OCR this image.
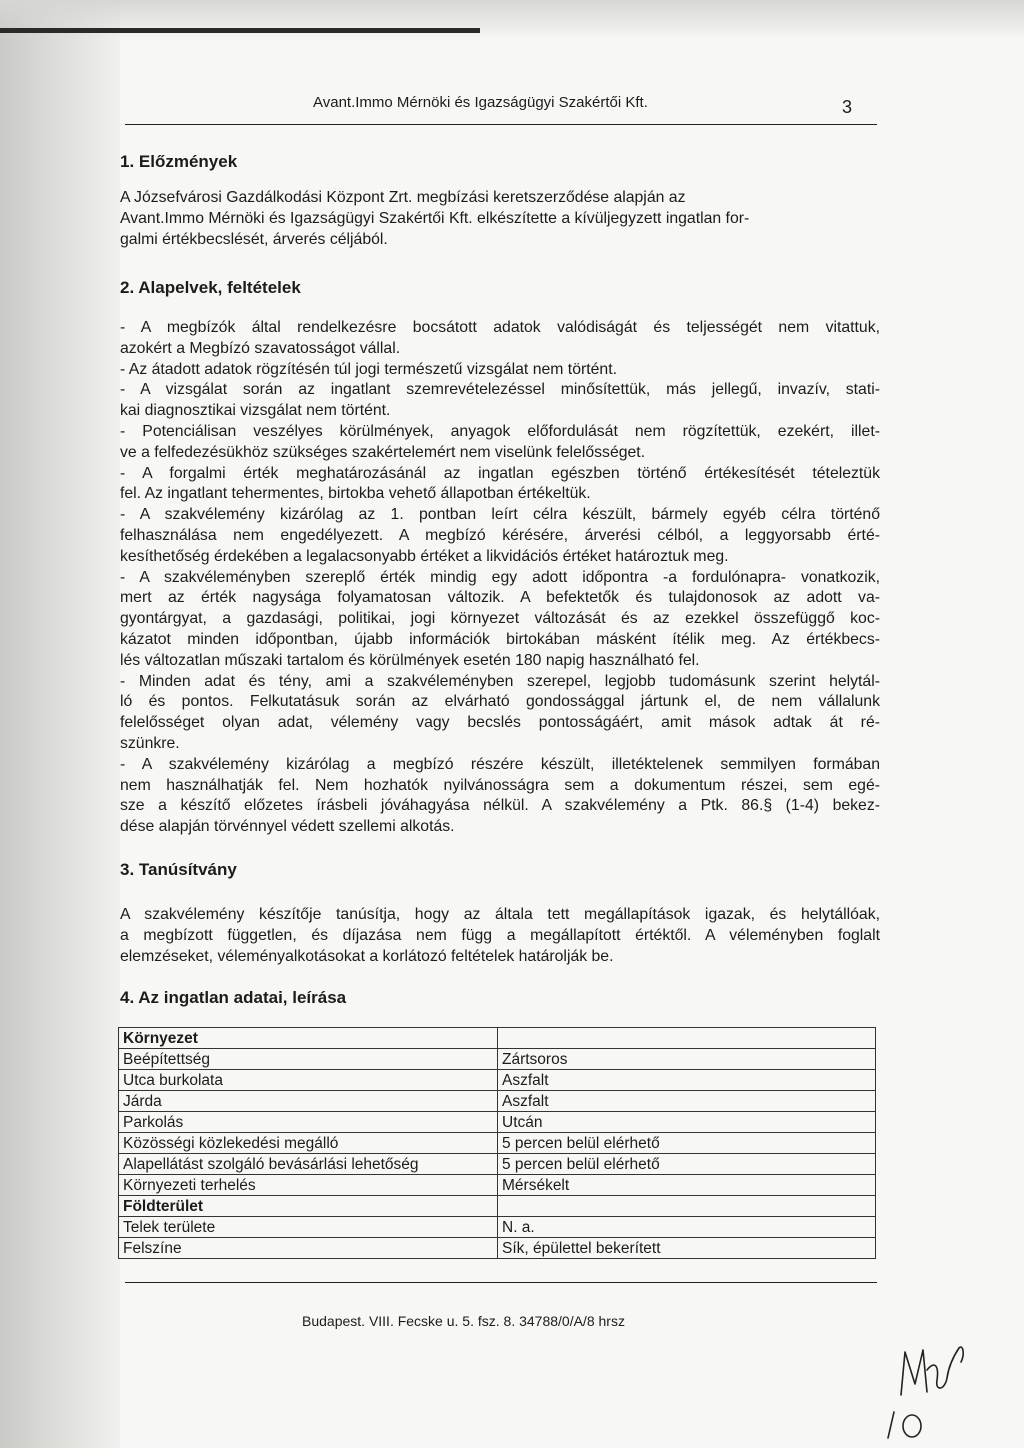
Avant.Immo Mérnöki és Igazságügyi Szakértői Kft.	3
1. Előzmények
A Józsefvárosi Gazdálkodási Központ Zrt. megbízási keretszerződése alapján az
Avant.Immo Mérnöki és Igazságügyi Szakértői Kft. elkészítette a kívüljegyzett ingatlan for-
galmi értékbecslését, árverés céljából.
2. Alapelvek, feltételek
- A megbízók által rendelkezésre bocsátott adatok valódiságát és teljességét nem vitattuk,
azokért a Megbízó szavatosságot vállal.
- Az átadott adatok rögzítésén túl jogi természetű vizsgálat nem történt.
- A vizsgálat során az ingatlant szemrevételezéssel minősítettük, más jellegű, invazív, stati-
kai diagnosztikai vizsgálat nem történt.
- Potenciálisan veszélyes körülmények, anyagok előfordulását nem rögzítettük, ezekért, illet-
ve a felfedezésükhöz szükséges szakértelemért nem viselünk felelősséget.
- A forgalmi érték meghatározásánál az ingatlan egészben történő értékesítését tételeztük
fel. Az ingatlant tehermentes, birtokba vehető állapotban értékeltük.
- A szakvélemény kizárólag az 1. pontban leírt célra készült, bármely egyéb célra történő
felhasználása nem engedélyezett. A megbízó kérésére, árverési célból, a leggyorsabb érté-
kesíthetőség érdekében a legalacsonyabb értéket a likvidációs értéket határoztuk meg.
- A szakvéleményben szereplő érték mindig egy adott időpontra -a fordulónapra- vonatkozik,
mert az érték nagysága folyamatosan változik. A befektetők és tulajdonosok az adott va-
gyontárgyat, a gazdasági, politikai, jogi környezet változását és az ezekkel összefüggő koc-
kázatot minden időpontban, újabb információk birtokában másként ítélik meg. Az értékbecs-
lés változatlan műszaki tartalom és körülmények esetén 180 napig használható fel.
- Minden adat és tény, ami a szakvéleményben szerepel, legjobb tudomásunk szerint helytál-
ló és pontos. Felkutatásuk során az elvárható gondossággal jártunk el, de nem vállalunk
felelősséget olyan adat, vélemény vagy becslés pontosságáért, amit mások adtak át ré-
szünkre.
- A szakvélemény kizárólag a megbízó részére készült, illetéktelenek semmilyen formában
nem használhatják fel. Nem hozhatók nyilvánosságra sem a dokumentum részei, sem egé-
sze a készítő előzetes írásbeli jóváhagyása nélkül. A szakvélemény a Ptk. 86.§ (1-4) bekez-
dése alapján törvénnyel védett szellemi alkotás.
3. Tanúsítvány
A szakvélemény készítője tanúsítja, hogy az általa tett megállapítások igazak, és helytállóak,
a megbízott független, és díjazása nem függ a megállapított értéktől. A véleményben foglalt
elemzéseket, véleményalkotásokat a korlátozó feltételek határolják be.
4. Az ingatlan adatai, leírása
Környezet	
Beépítettség	Zártsoros
Utca burkolata	Aszfalt
Járda	Aszfalt
Parkolás	Utcán
Közösségi közlekedési megálló	5 percen belül elérhető
Alapellátást szolgáló bevásárlási lehetőség	5 percen belül elérhető
Környezeti terhelés	Mérsékelt
Földterület	
Telek területe	N. a.
Felszíne	Sík, épülettel bekerített
Budapest. VIII. Fecske u. 5. fsz. 8. 34788/0/A/8 hrsz
